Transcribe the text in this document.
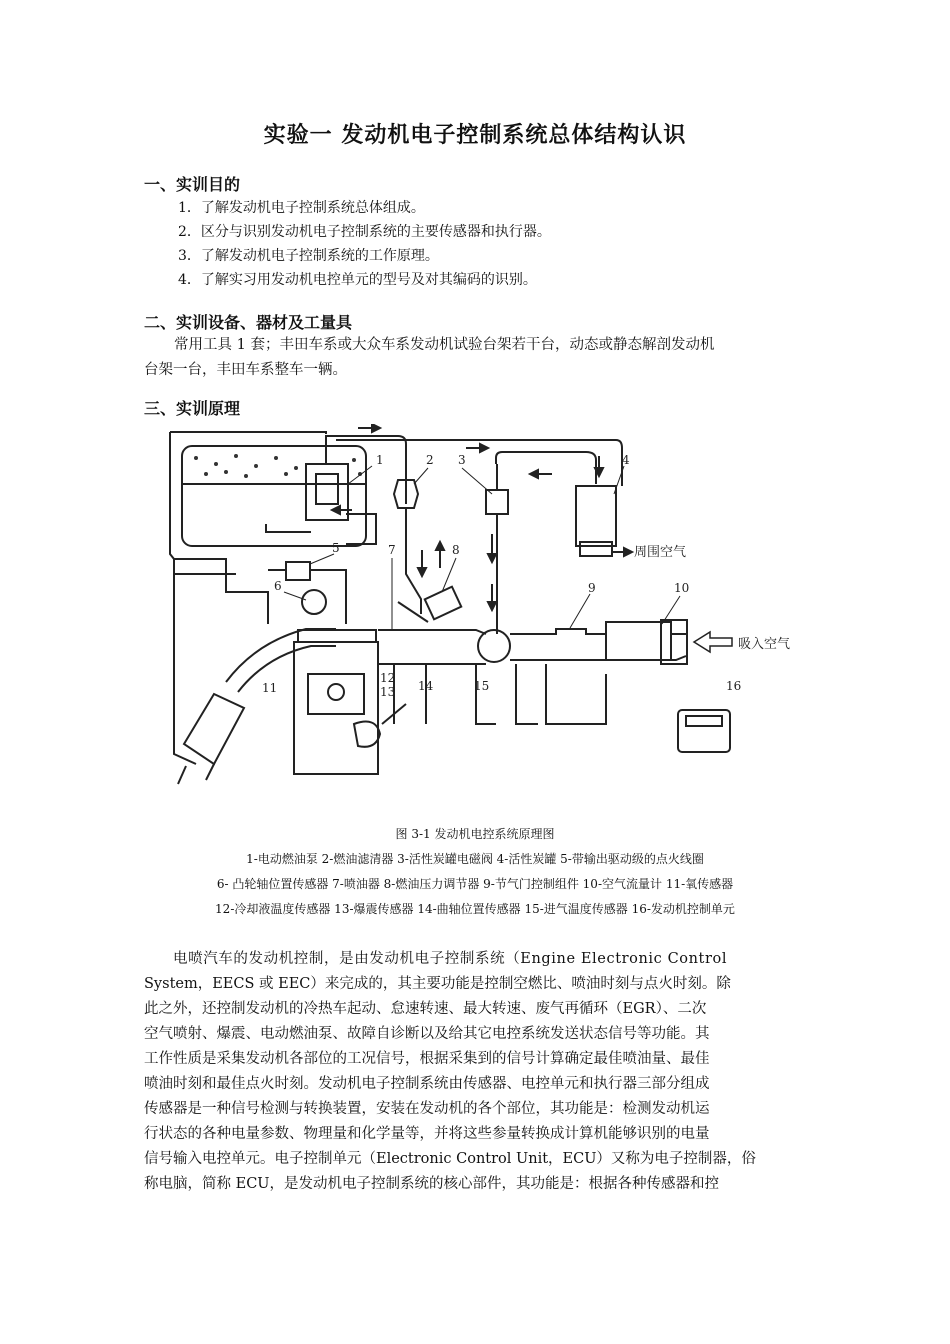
实验一 发动机电子控制系统总体结构认识
一、实训目的
1．了解发动机电子控制系统总体组成。
2．区分与识别发动机电子控制系统的主要传感器和执行器。
3．了解发动机电子控制系统的工作原理。
4．了解实习用发动机电控单元的型号及对其编码的识别。
二、实训设备、器材及工量具
常用工具 1 套；丰田车系或大众车系发动机试验台架若干台，动态或静态解剖发动机
台架一台，丰田车系整车一辆。
三、实训原理
1	2 3	4
5
6
7	8
9	10
11
12
13 14	15	16
周围空气
吸入空气
图 3-1 发动机电控系统原理图
1-电动燃油泵 2-燃油滤清器 3-活性炭罐电磁阀 4-活性炭罐 5-带输出驱动级的点火线圈
6- 凸轮轴位置传感器 7-喷油器 8-燃油压力调节器 9-节气门控制组件 10-空气流量计 11-氧传感器
12-冷却液温度传感器 13-爆震传感器 14-曲轴位置传感器 15-进气温度传感器 16-发动机控制单元
电喷汽车的发动机控制，是由发动机电子控制系统（Engine Electronic Control
System，EECS 或 EEC）来完成的，其主要功能是控制空燃比、喷油时刻与点火时刻。除
此之外，还控制发动机的冷热车起动、怠速转速、最大转速、废气再循环（EGR）、二次
空气喷射、爆震、电动燃油泵、故障自诊断以及给其它电控系统发送状态信号等功能。其
工作性质是采集发动机各部位的工况信号，根据采集到的信号计算确定最佳喷油量、最佳
喷油时刻和最佳点火时刻。发动机电子控制系统由传感器、电控单元和执行器三部分组成
传感器是一种信号检测与转换装置，安装在发动机的各个部位，其功能是：检测发动机运
行状态的各种电量参数、物理量和化学量等，并将这些参量转换成计算机能够识别的电量
信号输入电控单元。电子控制单元（Electronic Control Unit，ECU）又称为电子控制器，俗
称电脑，简称 ECU，是发动机电子控制系统的核心部件，其功能是：根据各种传感器和控
